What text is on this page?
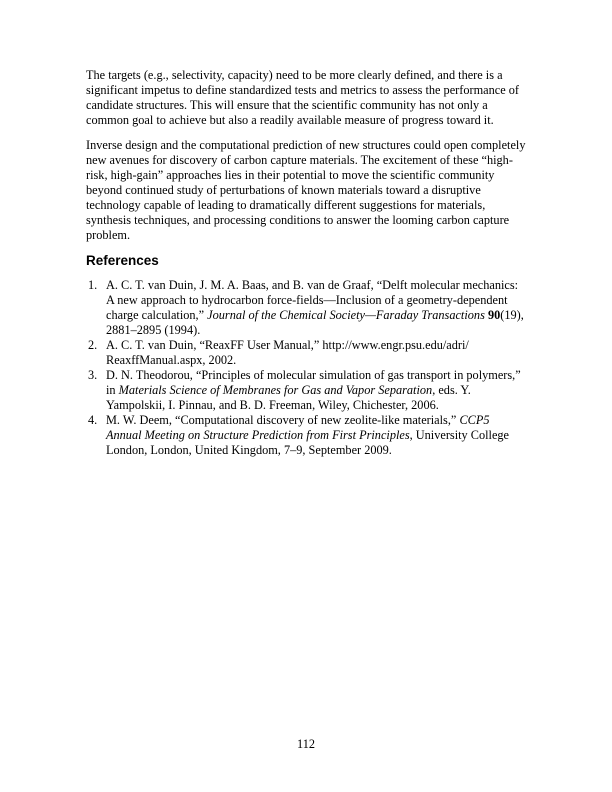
The targets (e.g., selectivity, capacity) need to be more clearly defined, and there is a significant impetus to define standardized tests and metrics to assess the performance of candidate structures. This will ensure that the scientific community has not only a common goal to achieve but also a readily available measure of progress toward it.

Inverse design and the computational prediction of new structures could open completely new avenues for discovery of carbon capture materials. The excitement of these “high-risk, high-gain” approaches lies in their potential to move the scientific community beyond continued study of perturbations of known materials toward a disruptive technology capable of leading to dramatically different suggestions for materials, synthesis techniques, and processing conditions to answer the looming carbon capture problem.

References
1. A. C. T. van Duin, J. M. A. Baas, and B. van de Graaf, “Delft molecular mechanics: A new approach to hydrocarbon force-fields—Inclusion of a geometry-dependent charge calculation,” Journal of the Chemical Society—Faraday Transactions 90(19), 2881–2895 (1994).
2. A. C. T. van Duin, “ReaxFF User Manual,” http://www.engr.psu.edu/adri/
ReaxffManual.aspx, 2002.
3. D. N. Theodorou, “Principles of molecular simulation of gas transport in polymers,” in Materials Science of Membranes for Gas and Vapor Separation, eds. Y. Yampolskii, I. Pinnau, and B. D. Freeman, Wiley, Chichester, 2006.
4. M. W. Deem, “Computational discovery of new zeolite-like materials,” CCP5 Annual Meeting on Structure Prediction from First Principles, University College London, London, United Kingdom, 7–9, September 2009.
112
